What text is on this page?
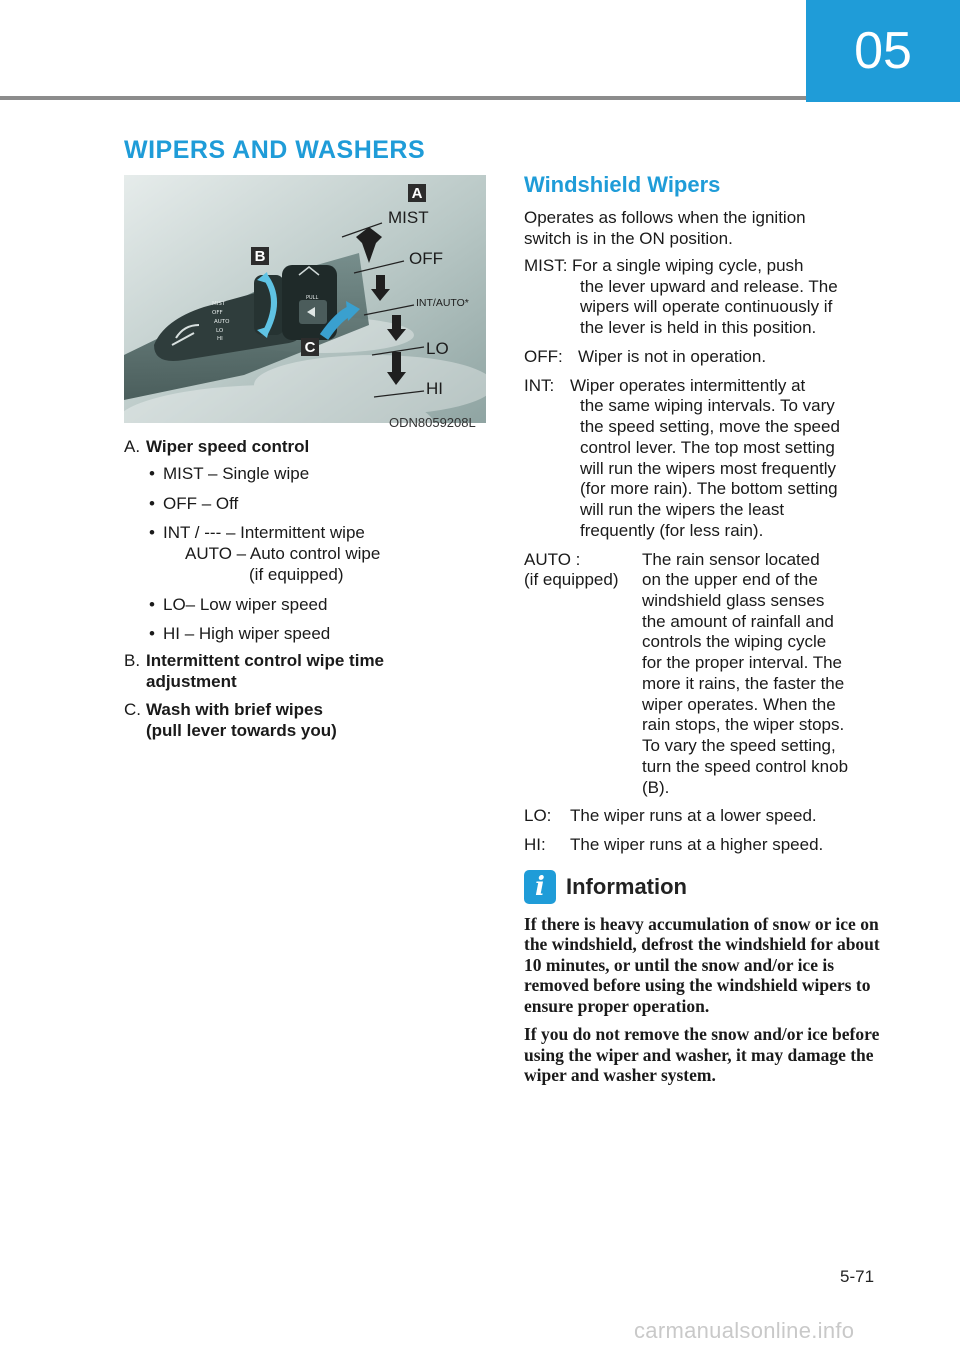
05
WIPERS AND WASHERS
MIST
OFF
AUTO
LO
HI
PULL
A
B
C
MIST
OFF
INT/AUTO*
LO
HI
ODN8059208L
A. Wiper speed control
• MIST – Single wipe
• OFF – Off
• INT / --- – Intermittent wipe
AUTO – Auto control wipe
(if equipped)
• LO– Low wiper speed
• HI – High wiper speed
B. Intermittent control wipe time
adjustment
C. Wash with brief wipes
(pull lever towards you)
Windshield Wipers

Operates as follows when the ignition
switch is in the ON position.

MIST: For a single wiping cycle, push
the lever upward and release. The
wipers will operate continuously if
the lever is held in this position.
OFF: Wiper is not in operation.
INT: Wiper operates intermittently at
the same wiping intervals. To vary
the speed setting, move the speed
control lever. The top most setting
will run the wipers most frequently
(for more rain). The bottom setting
will run the wipers the least
frequently (for less rain).
AUTO :
(if equipped)
The rain sensor located
on the upper end of the
windshield glass senses
the amount of rainfall and
controls the wiping cycle
for the proper interval. The
more it rains, the faster the
wiper operates. When the
rain stops, the wiper stops.
To vary the speed setting,
turn the speed control knob
(B).
LO:	The wiper runs at a lower speed.
HI:	The wiper runs at a higher speed.
i Information

If there is heavy accumulation of snow or ice on the windshield, defrost the windshield for about 10 minutes, or until the snow and/or ice is removed before using the windshield wipers to ensure proper operation.

If you do not remove the snow and/or ice before using the wiper and washer, it may damage the wiper and washer system.

5-71
carmanualsonline.info
